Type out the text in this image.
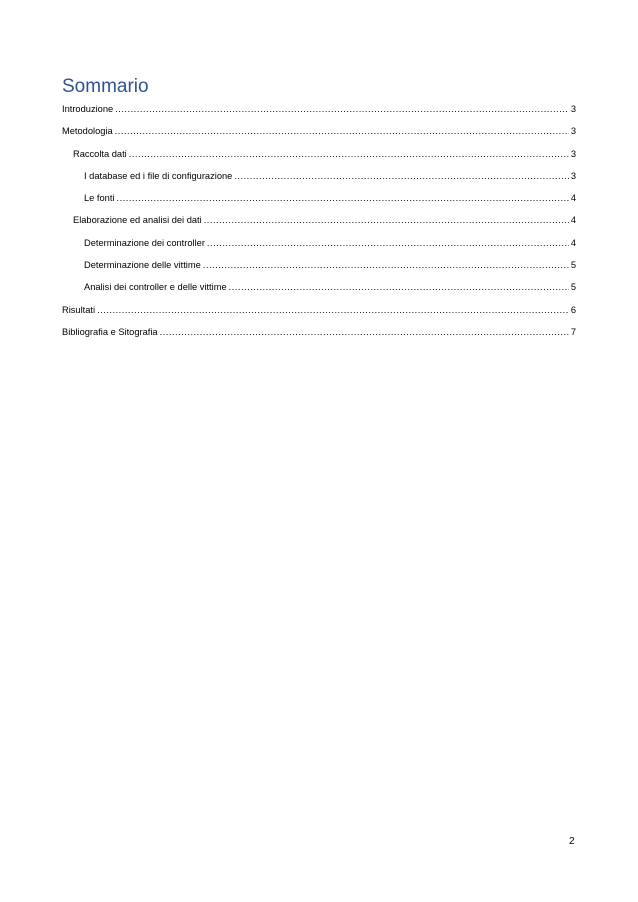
Sommario
Introduzione .....	3
Metodologia .....	3
Raccolta dati .....	3
I database ed i file di configurazione .....	3
Le fonti .....	4
Elaborazione ed analisi dei dati .....	4
Determinazione dei controller .....	4
Determinazione delle vittime .....	5
Analisi dei controller e delle vittime .....	5
Risultati .....	6
Bibliografia e Sitografia .....	7
2
